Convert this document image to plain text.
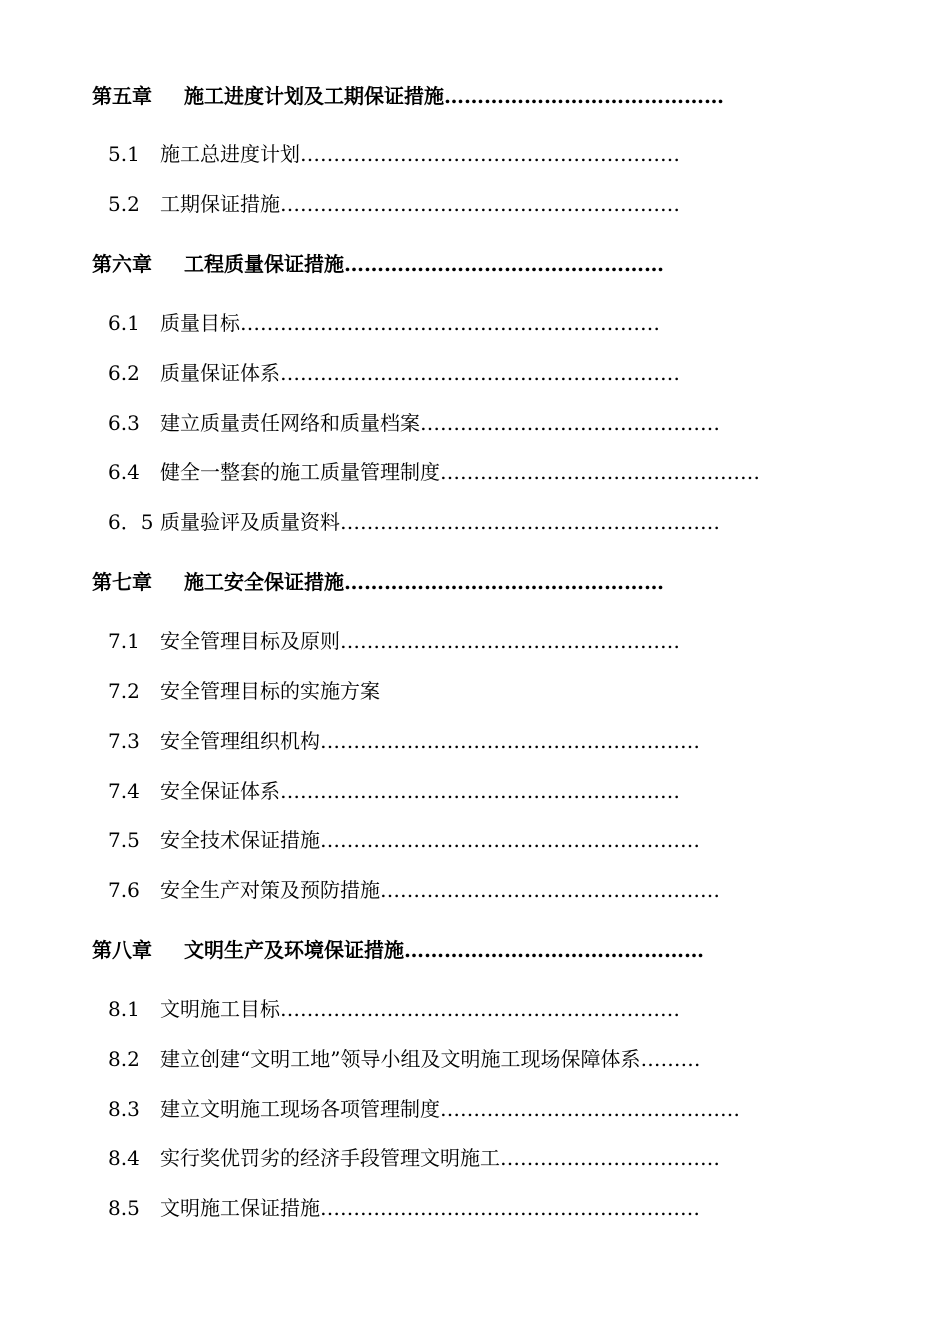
第五章 施工进度计划及工期保证措施……………………………………
5.1 施工总进度计划…………………………………………………
5.2 工期保证措施……………………………………………………
第六章 工程质量保证措施…………………………………………
6.1 质量目标………………………………………………………
6.2 质量保证体系……………………………………………………
6.3 建立质量责任网络和质量档案………………………………………
6.4 健全一整套的施工质量管理制度…………………………………………
6．5质量验评及质量资料…………………………………………………
第七章 施工安全保证措施…………………………………………
7.1 安全管理目标及原则……………………………………………
7.2 安全管理目标的实施方案
7.3 安全管理组织机构…………………………………………………
7.4 安全保证体系……………………………………………………
7.5 安全技术保证措施…………………………………………………
7.6 安全生产对策及预防措施……………………………………………
第八章 文明生产及环境保证措施………………………………………
8.1 文明施工目标……………………………………………………
8.2 建立创建“文明工地”领导小组及文明施工现场保障体系………
8.3建立文明施工现场各项管理制度………………………………………
8.4实行奖优罚劣的经济手段管理文明施工……………………………
8.5 文明施工保证措施…………………………………………………
